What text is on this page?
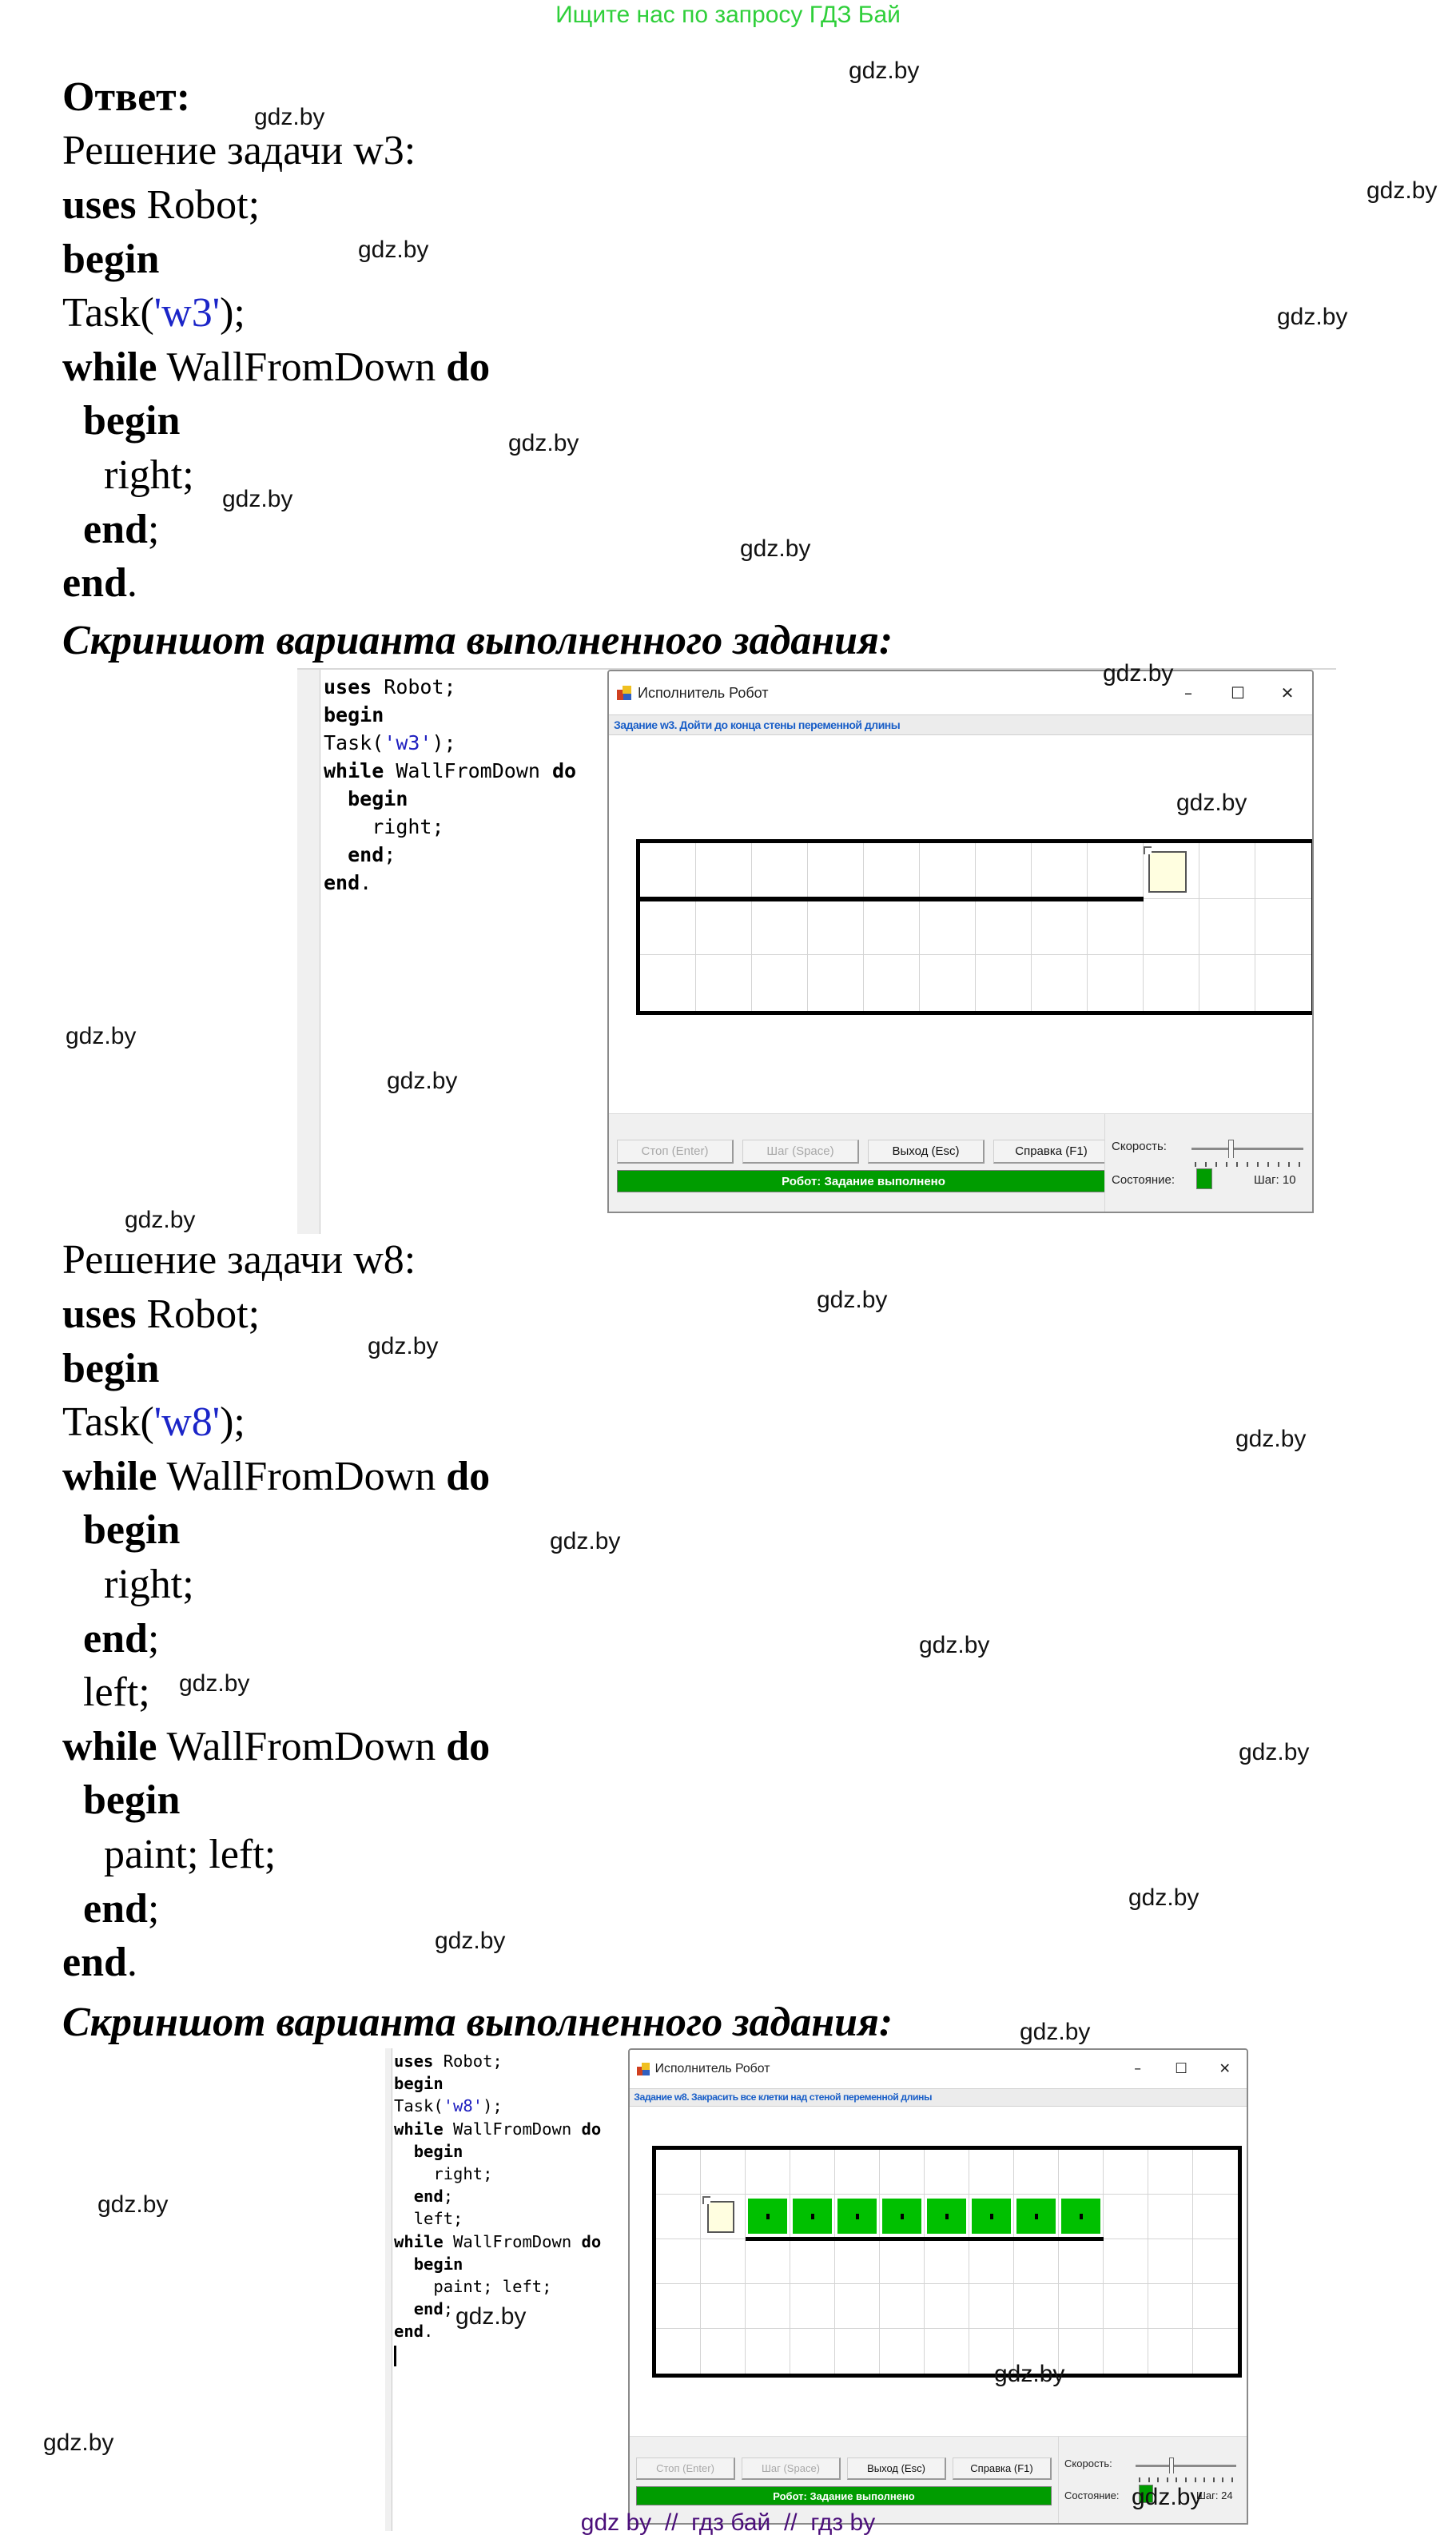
Ищите нас по запросу ГДЗ Бай
Ответ:
Решение задачи w3:
uses Robot;
begin
Task('w3');
while WallFromDown do
begin
right;
end;
end.
Скриншот варианта выполненного задания:
uses Robot;
begin
Task('w3');
while WallFromDown do
begin
right;
end;
end.
Исполнитель Робот	–	☐	✕
Задание w3. Дойти до конца стены переменной длины
Стоп (Enter)	Шаг (Space)	Выход (Esc)	Справка (F1)
Робот: Задание выполнено
Скорость:
Состояние:	Шаг: 10
Решение задачи w8:
uses Robot;
begin
Task('w8');
while WallFromDown do
begin
right;
end;
left;
while WallFromDown do
begin
paint; left;
end;
end.
Скриншот варианта выполненного задания:
uses Robot;
begin
Task('w8');
while WallFromDown do
begin
right;
end;
left;
while WallFromDown do
begin
paint; left;
end;
end.
Исполнитель Робот	–	☐	✕
Задание w8. Закрасить все клетки над стеной переменной длины
Стоп (Enter)	Шаг (Space)	Выход (Esc)	Справка (F1)
Робот: Задание выполнено
Скорость:
Состояние:	Шаг: 24
gdz.by
gdz.by
gdz.by
gdz.by
gdz.by
gdz.by
gdz.by
gdz.by
gdz.by
gdz.by
gdz.by
gdz.by
gdz.by
gdz.by
gdz.by
gdz.by
gdz.by
gdz.by
gdz.by
gdz.by
gdz.by
gdz.by
gdz.by
gdz.by
gdz.by
gdz.by
gdz.by
gdz.by
gdz by  //  гдз бай  //  гдз by
